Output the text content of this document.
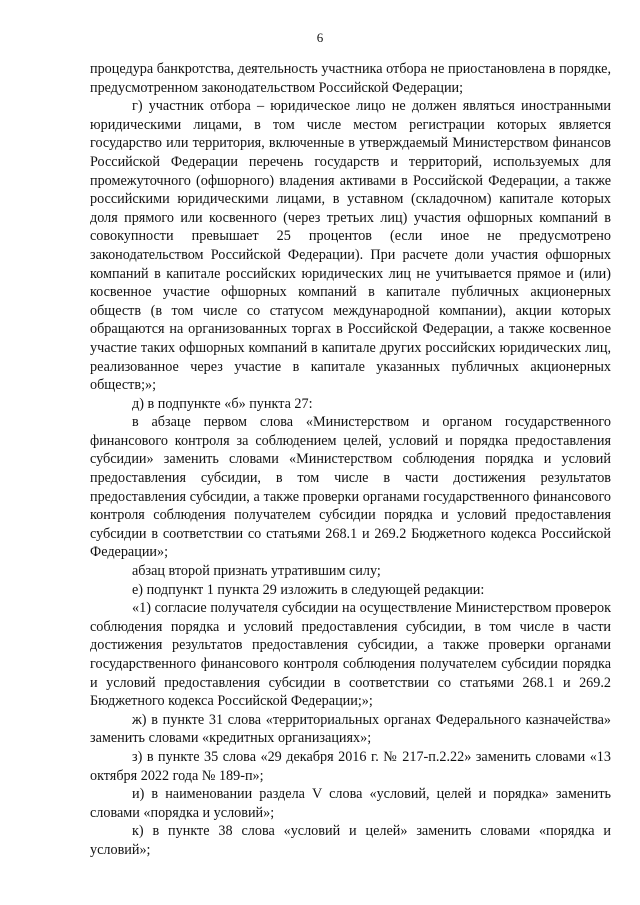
6

процедура банкротства, деятельность участника отбора не приостановлена в порядке, предусмотренном законодательством Российской Федерации;

г) участник отбора – юридическое лицо не должен являться иностранными юридическими лицами, в том числе местом регистрации которых является государство или территория, включенные в утверждаемый Министерством финансов Российской Федерации перечень государств и территорий, используемых для промежуточного (офшорного) владения активами в Российской Федерации, а также российскими юридическими лицами, в уставном (складочном) капитале которых доля прямого или косвенного (через третьих лиц) участия офшорных компаний в совокупности превышает 25 процентов (если иное не предусмотрено законодательством Российской Федерации). При расчете доли участия офшорных компаний в капитале российских юридических лиц не учитывается прямое и (или) косвенное участие офшорных компаний в капитале публичных акционерных обществ (в том числе со статусом международной компании), акции которых обращаются на организованных торгах в Российской Федерации, а также косвенное участие таких офшорных компаний в капитале других российских юридических лиц, реализованное через участие в капитале указанных публичных акционерных обществ;»;

д) в подпункте «б» пункта 27:

в абзаце первом слова «Министерством и органом государственного финансового контроля за соблюдением целей, условий и порядка предоставления субсидии» заменить словами «Министерством соблюдения порядка и условий предоставления субсидии, в том числе в части достижения результатов предоставления субсидии, а также проверки органами государственного финансового контроля соблюдения получателем субсидии порядка и условий предоставления субсидии в соответствии со статьями 268.1 и 269.2 Бюджетного кодекса Российской Федерации»;

абзац второй признать утратившим силу;

е) подпункт 1 пункта 29 изложить в следующей редакции:

«1) согласие получателя субсидии на осуществление Министерством проверок соблюдения порядка и условий предоставления субсидии, в том числе в части достижения результатов предоставления субсидии, а также проверки органами государственного финансового контроля соблюдения получателем субсидии порядка и условий предоставления субсидии в соответствии со статьями 268.1 и 269.2 Бюджетного кодекса Российской Федерации;»;

ж) в пункте 31 слова «территориальных органах Федерального казначейства» заменить словами «кредитных организациях»;

з) в пункте 35 слова «29 декабря 2016 г. № 217-п.2.22» заменить словами «13 октября 2022 года № 189-п»;

и) в наименовании раздела V слова «условий, целей и порядка» заменить словами «порядка и условий»;

к) в пункте 38 слова «условий и целей» заменить словами «порядка и условий»;
